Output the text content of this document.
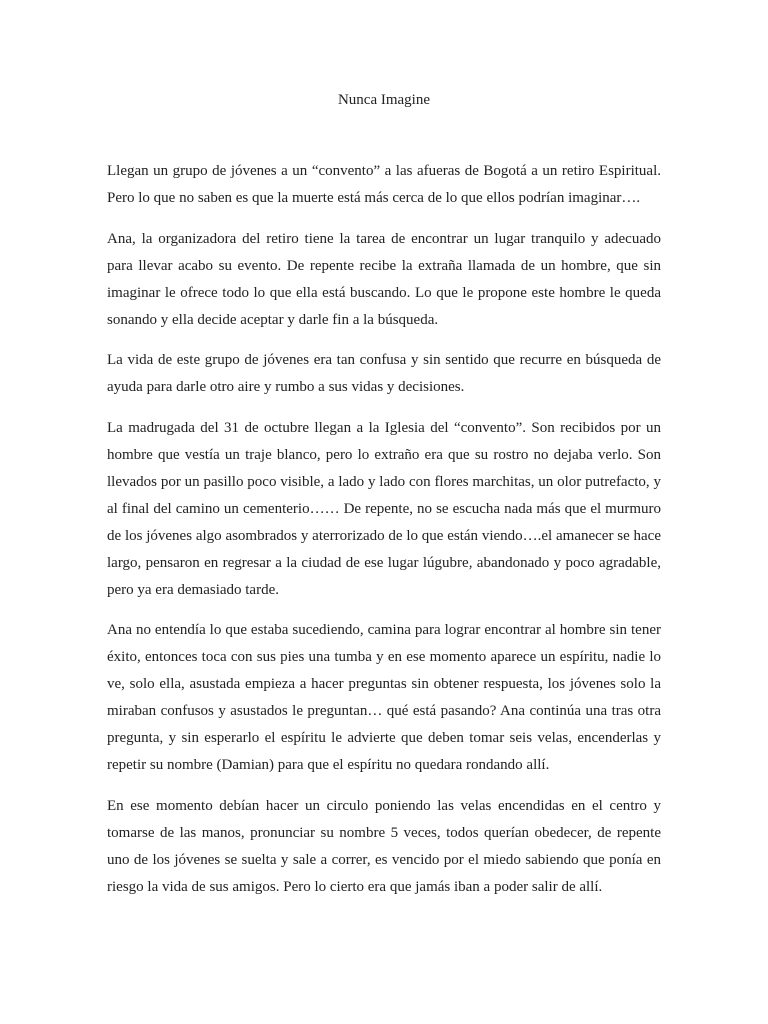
Nunca Imagine

Llegan un grupo de jóvenes a un “convento” a las afueras de Bogotá a un retiro Espiritual. Pero lo que no saben es que la muerte está más cerca de lo que ellos podrían imaginar….

Ana, la organizadora del retiro tiene la tarea de encontrar un lugar tranquilo y adecuado para llevar acabo su evento. De repente recibe la extraña llamada de un hombre, que sin imaginar le ofrece todo lo que ella está buscando. Lo que le propone este hombre le queda sonando y ella decide aceptar y darle fin a la búsqueda.

La vida de este grupo de jóvenes era tan confusa y sin sentido que recurre en búsqueda de ayuda para darle otro aire y rumbo a sus vidas y decisiones.

La madrugada del 31 de octubre llegan a la Iglesia del “convento”. Son recibidos por un hombre que vestía un traje blanco, pero lo extraño era que su rostro no dejaba verlo. Son llevados por un pasillo poco visible, a lado y lado con flores marchitas, un olor putrefacto, y al final del camino un cementerio…… De repente, no se escucha nada más que el murmuro de los jóvenes algo asombrados y aterrorizado de lo que están viendo….el amanecer se hace largo, pensaron en regresar a la ciudad de ese lugar lúgubre, abandonado y poco agradable, pero ya era demasiado tarde.

Ana no entendía lo que estaba sucediendo, camina para lograr encontrar al hombre sin tener éxito, entonces toca con sus pies una tumba y en ese momento aparece un espíritu, nadie lo ve, solo ella, asustada empieza a hacer preguntas sin obtener respuesta, los jóvenes solo la miraban confusos y asustados le preguntan… qué está pasando? Ana continúa una tras otra pregunta, y sin esperarlo el espíritu le advierte que deben tomar seis velas, encenderlas y repetir su nombre (Damian) para que el espíritu no quedara rondando allí.

En ese momento debían hacer un circulo poniendo las velas encendidas en el centro y tomarse de las manos, pronunciar su nombre 5 veces, todos querían obedecer, de repente uno de los jóvenes se suelta y sale a correr, es vencido por el miedo sabiendo que ponía en riesgo la vida de sus amigos. Pero lo cierto era que jamás iban a poder salir de allí.
